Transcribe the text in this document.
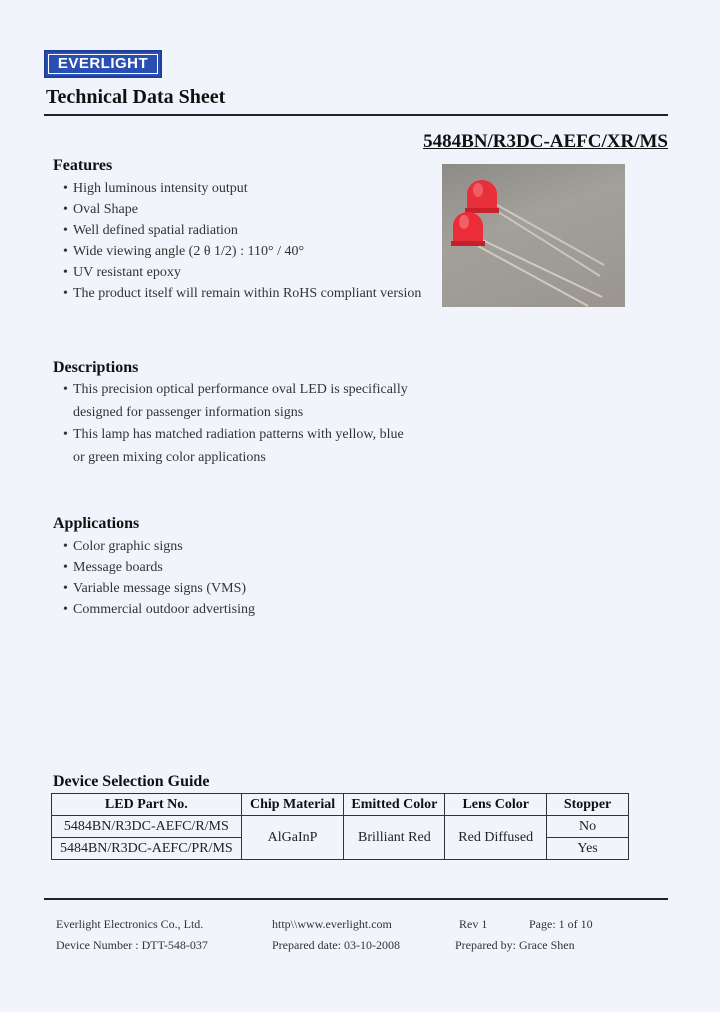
EVERLIGHT
Technical Data Sheet
5484BN/R3DC-AEFC/XR/MS
Features
• High luminous intensity output
• Oval Shape
• Well defined spatial radiation
• Wide viewing angle (2 θ 1/2) : 110° / 40°
• UV resistant epoxy
• The product itself will remain within RoHS compliant version
Descriptions
• This precision optical performance oval LED is specifically
designed for passenger information signs
• This lamp has matched radiation patterns with yellow, blue
or green mixing color applications
Applications
• Color graphic signs
• Message boards
• Variable message signs (VMS)
• Commercial outdoor advertising
Device Selection Guide
LED Part No.	Chip Material	Emitted Color	Lens Color	Stopper
5484BN/R3DC-AEFC/R/MS	AlGaInP	Brilliant Red	Red Diffused	No
5484BN/R3DC-AEFC/PR/MS				Yes
Everlight Electronics Co., Ltd.	http\\www.everlight.com	Rev 1	Page: 1 of 10
Device Number : DTT-548-037	Prepared date: 03-10-2008	Prepared by: Grace Shen
